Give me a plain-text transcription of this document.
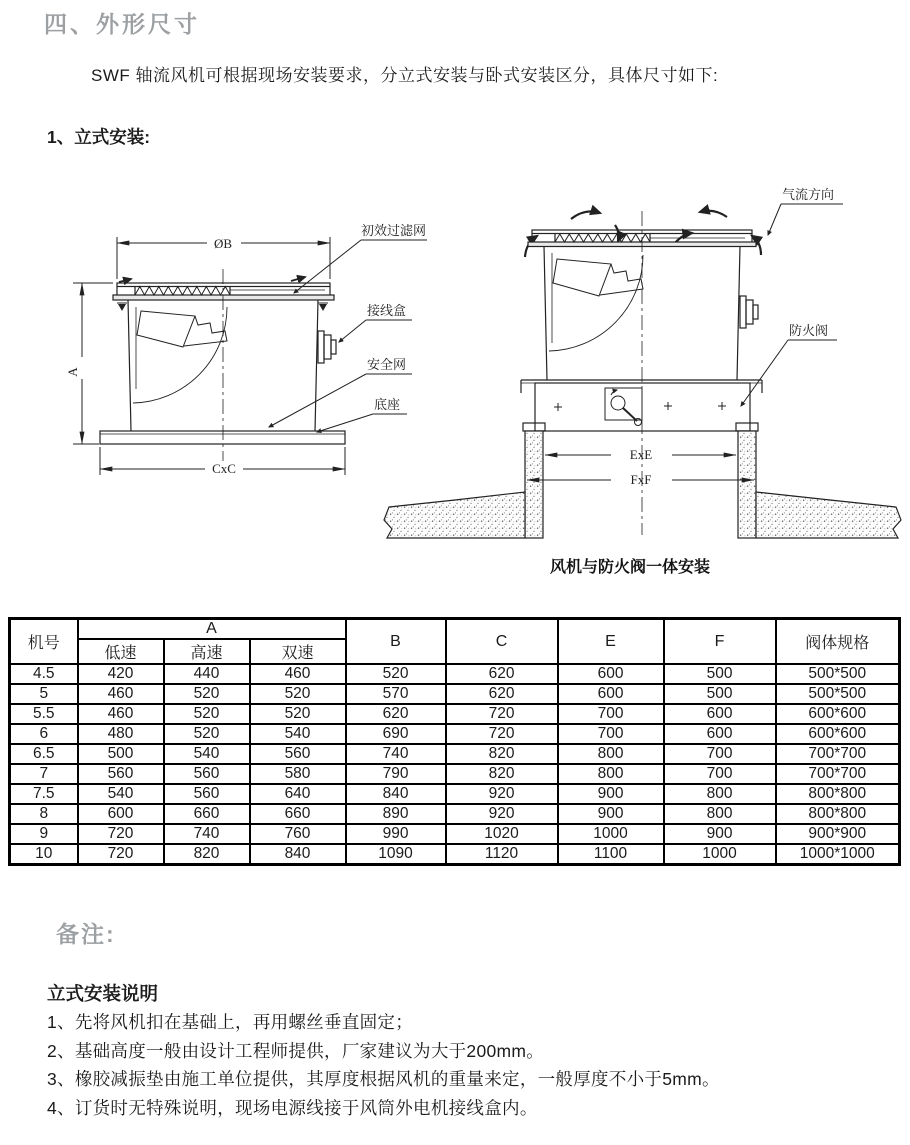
四、外形尺寸
SWF 轴流风机可根据现场安装要求，分立式安装与卧式安装区分，具体尺寸如下:
1、立式安装:
ØB
A
CxC
初效过滤网
接线盒
安全网
底座
气流方向
防火阀
ExE
FxF
风机与防火阀一体安装
机号	A			B	C	E	F	阀体规格
	低速	高速	双速					
4.5	420	440	460	520	620	600	500	500*500
5	460	520	520	570	620	600	500	500*500
5.5	460	520	520	620	720	700	600	600*600
6	480	520	540	690	720	700	600	600*600
6.5	500	540	560	740	820	800	700	700*700
7	560	560	580	790	820	800	700	700*700
7.5	540	560	640	840	920	900	800	800*800
8	600	660	660	890	920	900	800	800*800
9	720	740	760	990	1020	1000	900	900*900
10	720	820	840	1090	1120	1100	1000	1000*1000
备注:
立式安装说明
1、先将风机扣在基础上，再用螺丝垂直固定；
2、基础高度一般由设计工程师提供，厂家建议为大于200mm。
3、橡胶减振垫由施工单位提供，其厚度根据风机的重量来定，一般厚度不小于5mm。
4、订货时无特殊说明，现场电源线接于风筒外电机接线盒内。
